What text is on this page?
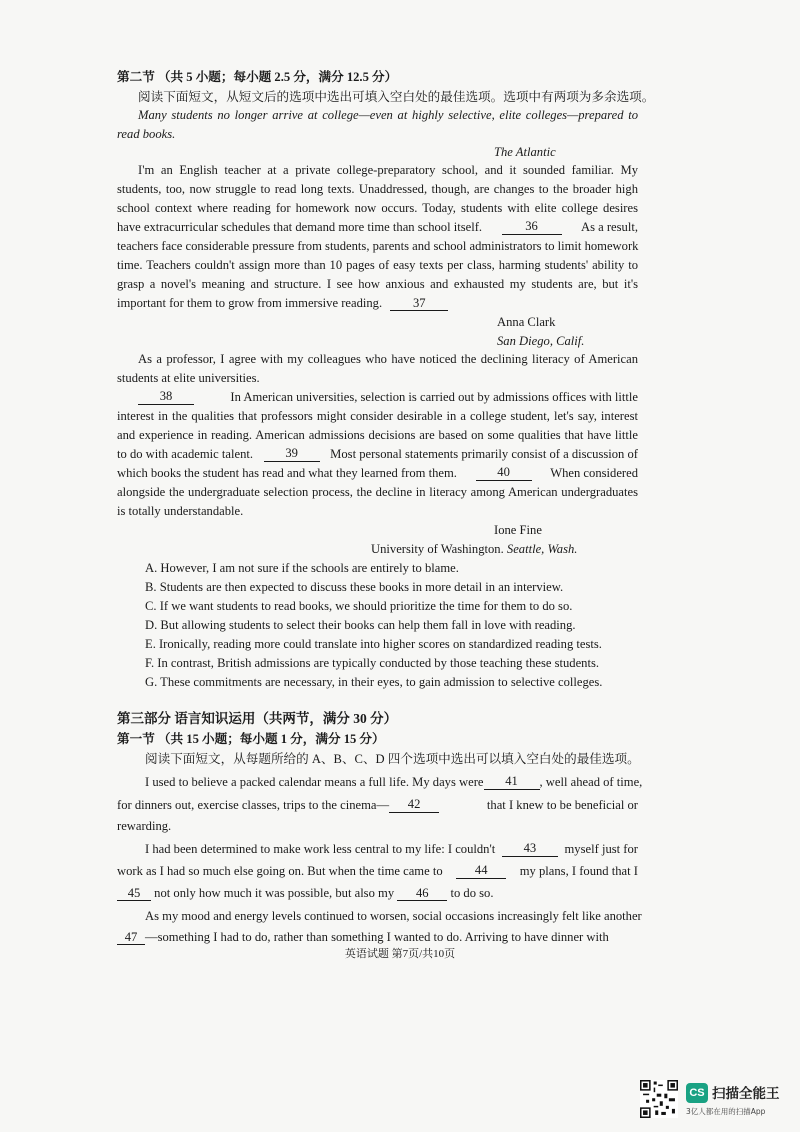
第二节 （共 5 小题；每小题 2.5 分，满分 12.5 分）
阅读下面短文，从短文后的选项中选出可填入空白处的最佳选项。选项中有两项为多余选项。
Many students no longer arrive at college—even at highly selective, elite colleges—prepared to
read books.
The Atlantic
I'm an English teacher at a private college-preparatory school, and it sounded familiar. My
students, too, now struggle to read long texts. Unaddressed, though, are changes to the broader high
school context where reading for homework now occurs. Today, students with elite college desires
have extracurricular schedules that demand more time than school itself.	36	As a result,
teachers face considerable pressure from students, parents and school administrators to limit homework
time. Teachers couldn't assign more than 10 pages of easy texts per class, harming students' ability to
grasp a novel's meaning and structure. I see how anxious and exhausted my students are, but it's
important for them to grow from immersive reading. 37
Anna Clark
San Diego, Calif.
As a professor, I agree with my colleagues who have noticed the declining literacy of American
students at elite universities.
38	In American universities, selection is carried out by admissions offices with little
interest in the qualities that professors might consider desirable in a college student, let's say, interest
and experience in reading. American admissions decisions are based on some qualities that have little
to do with academic talent.	39	Most personal statements primarily consist of a discussion of
which books the student has read and what they learned from them.	40	When considered
alongside the undergraduate selection process, the decline in literacy among American undergraduates
is totally understandable.
Ione Fine
University of Washington. Seattle, Wash.
A. However, I am not sure if the schools are entirely to blame.
B. Students are then expected to discuss these books in more detail in an interview.
C. If we want students to read books, we should prioritize the time for them to do so.
D. But allowing students to select their books can help them fall in love with reading.
E. Ironically, reading more could translate into higher scores on standardized reading tests.
F. In contrast, British admissions are typically conducted by those teaching these students.
G. These commitments are necessary, in their eyes, to gain admission to selective colleges.
第三部分 语言知识运用（共两节，满分 30 分）
第一节 （共 15 小题；每小题 1 分，满分 15 分）
阅读下面短文，从每题所给的 A、B、C、D 四个选项中选出可以填入空白处的最佳选项。
I used to believe a packed calendar means a full life. My days were	41	, well ahead of time,
for dinners out, exercise classes, trips to the cinema—	42	that I knew to be beneficial or
rewarding.
I had been determined to make work less central to my life: I couldn't	43	myself just for
work as I had so much else going on. But when the time came to	44	my plans, I found that I
45 not only how much it was possible, but also my 46 to do so.
As my mood and energy levels continued to worsen, social occasions increasingly felt like another
47 —something I had to do, rather than something I wanted to do. Arriving to have dinner with
英语试题 第7页/共10页
CS 扫描全能王
3亿人都在用的扫描App
